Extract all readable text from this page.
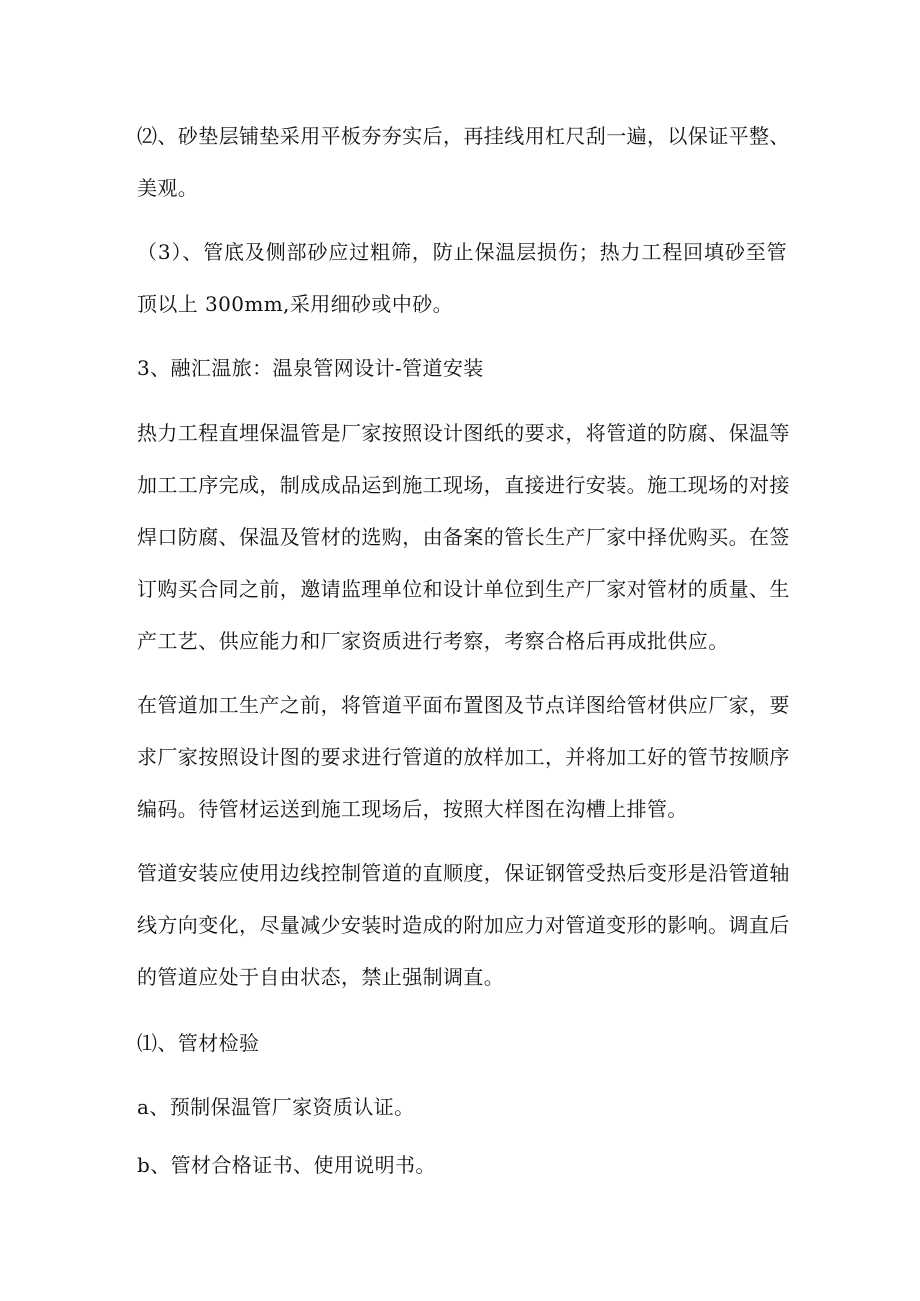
⑵、砂垫层铺垫采用平板夯夯实后，再挂线用杠尺刮一遍，以保证平整、
美观。
（3）、管底及侧部砂应过粗筛，防止保温层损伤；热力工程回填砂至管
顶以上 300mm,采用细砂或中砂。
3、融汇温旅：温泉管网设计-管道安装
热力工程直埋保温管是厂家按照设计图纸的要求，将管道的防腐、保温等
加工工序完成，制成成品运到施工现场，直接进行安装。施工现场的对接
焊口防腐、保温及管材的选购，由备案的管长生产厂家中择优购买。在签
订购买合同之前，邀请监理单位和设计单位到生产厂家对管材的质量、生
产工艺、供应能力和厂家资质进行考察，考察合格后再成批供应。
在管道加工生产之前，将管道平面布置图及节点详图给管材供应厂家，要
求厂家按照设计图的要求进行管道的放样加工，并将加工好的管节按顺序
编码。待管材运送到施工现场后，按照大样图在沟槽上排管。
管道安装应使用边线控制管道的直顺度，保证钢管受热后变形是沿管道轴
线方向变化，尽量减少安装时造成的附加应力对管道变形的影响。调直后
的管道应处于自由状态，禁止强制调直。
⑴、管材检验
a、预制保温管厂家资质认证。
b、管材合格证书、使用说明书。
